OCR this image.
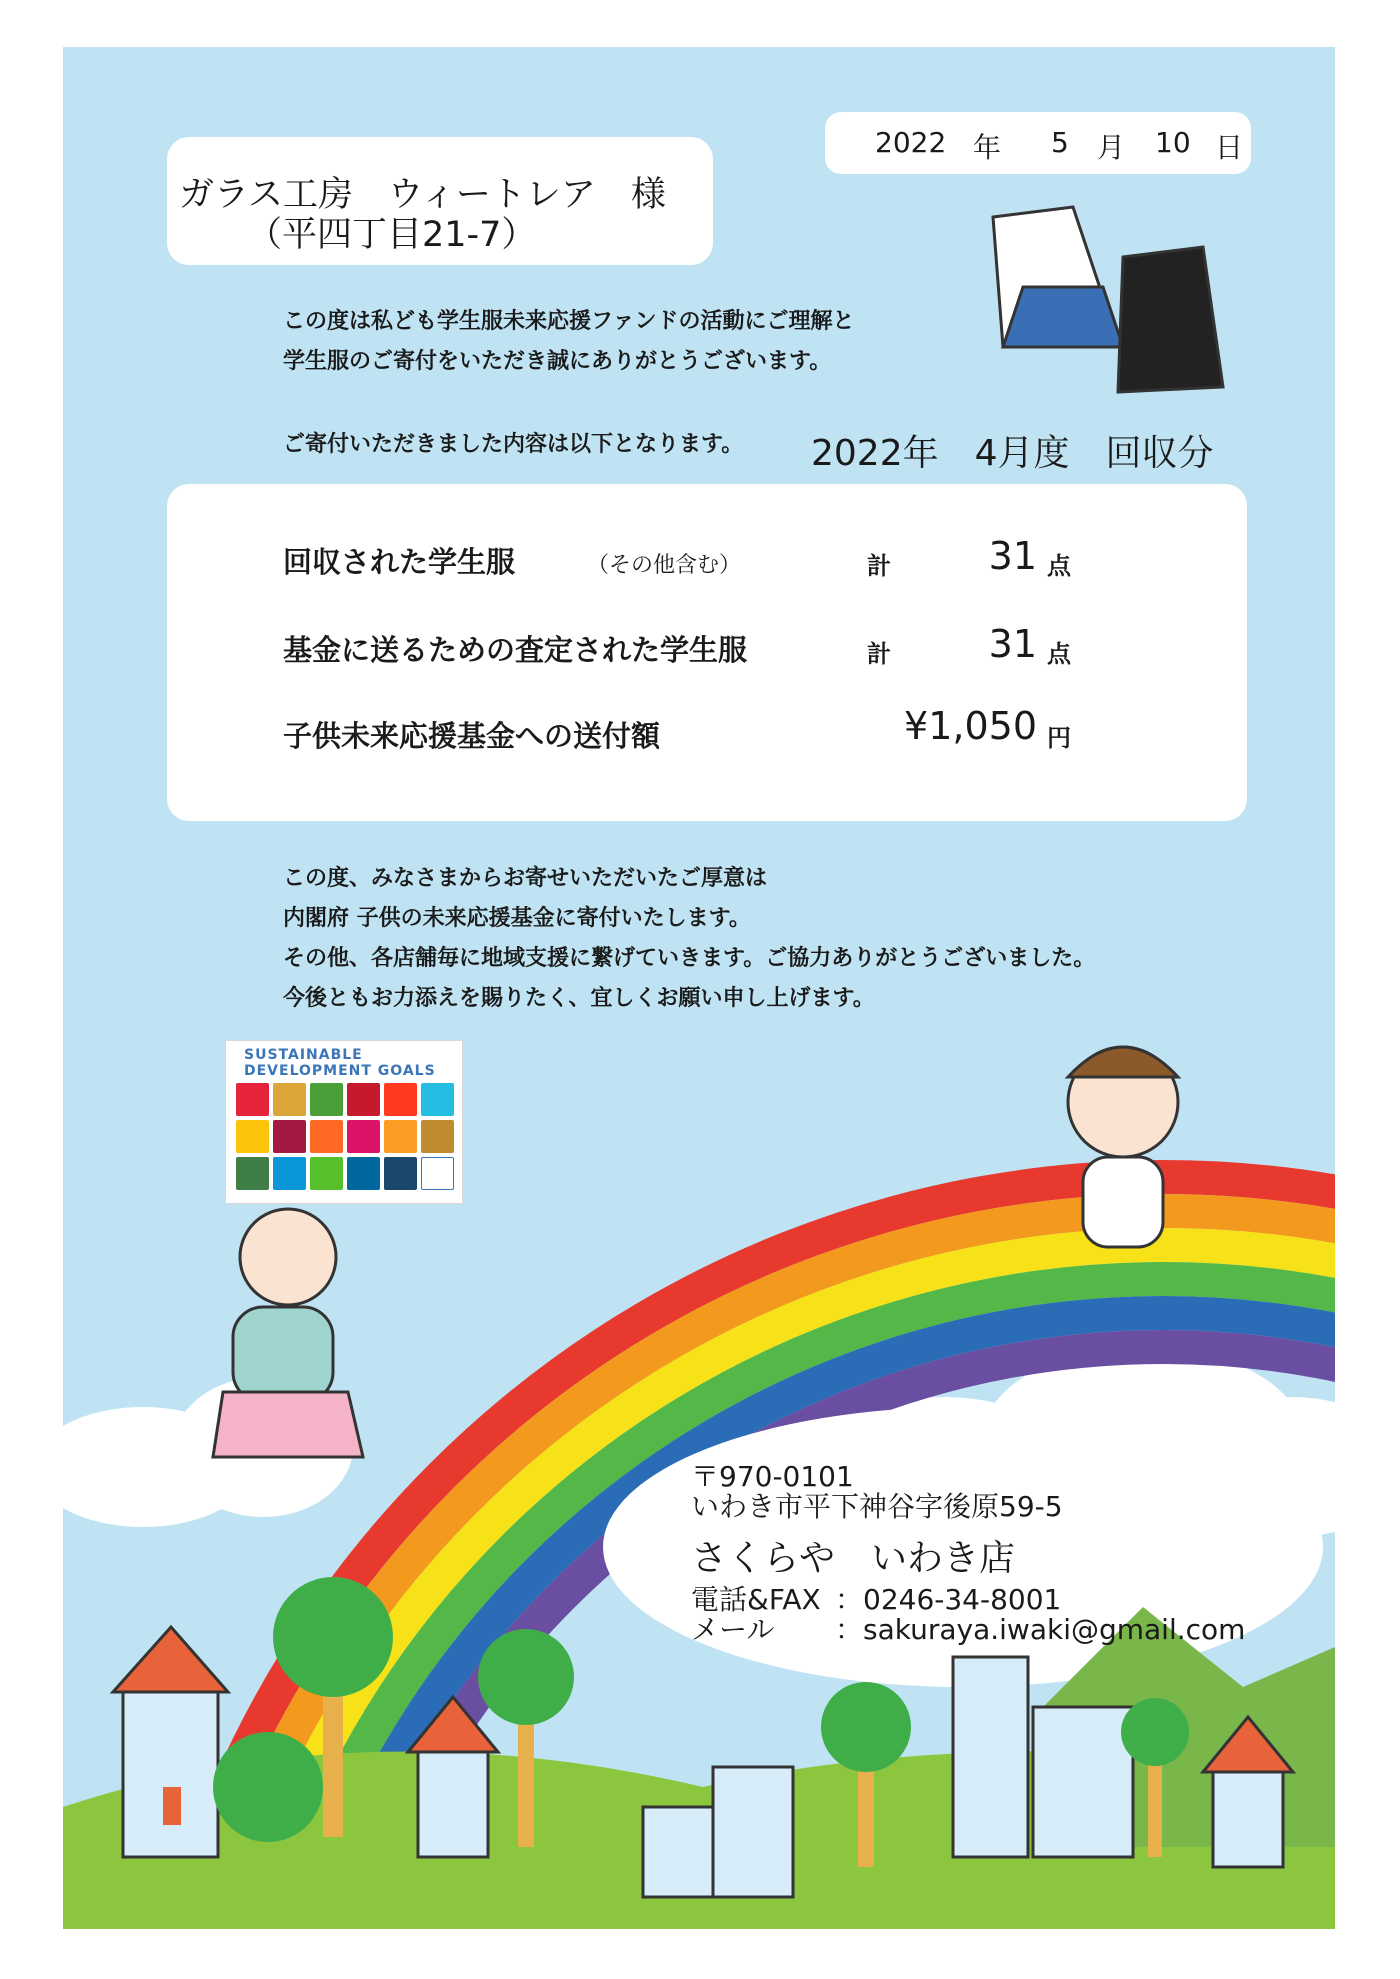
2022 年 5 月 10 日
ガラス工房　ウィートレア　様
（平四丁目21-7）
この度は私ども学生服未来応援ファンドの活動にご理解と
学生服のご寄付をいただき誠にありがとうございます。
ご寄付いただきました内容は以下となります。 2022年　4月度　回収分
回収された学生服	（その他含む）	計	31 点
基金に送るための査定された学生服	計	31 点
子供未来応援基金への送付額	¥1,050 円
この度、みなさまからお寄せいただいたご厚意は
内閣府 子供の未来応援基金に寄付いたします。
その他、各店舗毎に地域支援に繋げていきます。ご協力ありがとうございました。
今後ともお力添えを賜りたく、宜しくお願い申し上げます。
SUSTAINABLE DEVELOPMENT GOALS
〒970-0101
いわき市平下神谷字後原59-5
さくらや　いわき店
電話&FAX ：0246-34-8001
メール ：sakuraya.iwaki@gmail.com
